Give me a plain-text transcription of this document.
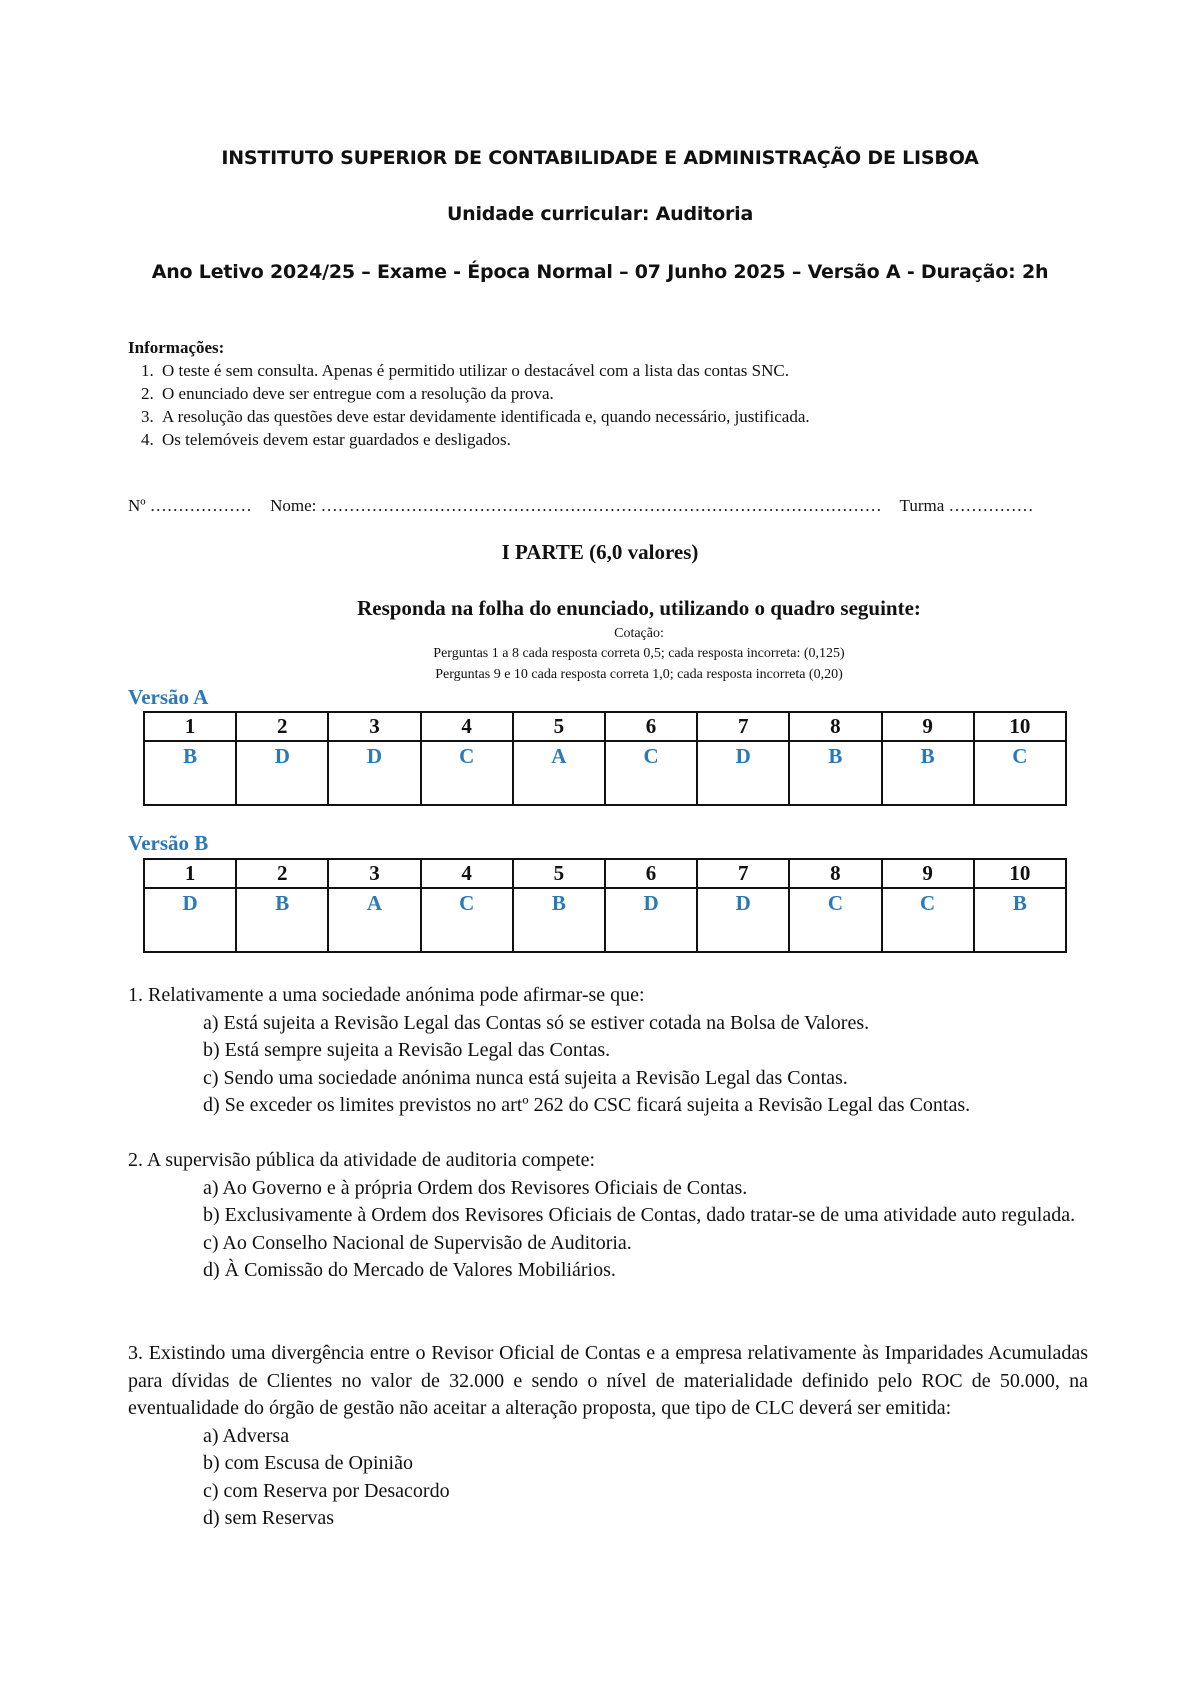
INSTITUTO SUPERIOR DE CONTABILIDADE E ADMINISTRAÇÃO DE LISBOA
Unidade curricular: Auditoria
Ano Letivo 2024/25 – Exame - Época Normal – 07 Junho 2025 – Versão A - Duração: 2h
Informações:
1. O teste é sem consulta. Apenas é permitido utilizar o destacável com a lista das contas SNC.
2. O enunciado deve ser entregue com a resolução da prova.
3. A resolução das questões deve estar devidamente identificada e, quando necessário, justificada.
4. Os telemóveis devem estar guardados e desligados.
Nº ……………… Nome: ……………………………………………………………………………………… Turma ……………
I PARTE (6,0 valores)
Responda na folha do enunciado, utilizando o quadro seguinte:
Cotação:
Perguntas 1 a 8 cada resposta correta 0,5; cada resposta incorreta: (0,125)
Perguntas 9 e 10 cada resposta correta 1,0; cada resposta incorreta (0,20)
Versão A
1	2	3	4	5	6	7	8	9	10
B	D	D	C	A	C	D	B	B	C
Versão B
1	2	3	4	5	6	7	8	9	10
D	B	A	C	B	D	D	C	C	B
1. Relativamente a uma sociedade anónima pode afirmar-se que:
a) Está sujeita a Revisão Legal das Contas só se estiver cotada na Bolsa de Valores.
b) Está sempre sujeita a Revisão Legal das Contas.
c) Sendo uma sociedade anónima nunca está sujeita a Revisão Legal das Contas.
d) Se exceder os limites previstos no artº 262 do CSC ficará sujeita a Revisão Legal das Contas.
2. A supervisão pública da atividade de auditoria compete:
a) Ao Governo e à própria Ordem dos Revisores Oficiais de Contas.
b) Exclusivamente à Ordem dos Revisores Oficiais de Contas, dado tratar-se de uma atividade auto regulada.
c) Ao Conselho Nacional de Supervisão de Auditoria.
d) À Comissão do Mercado de Valores Mobiliários.
3. Existindo uma divergência entre o Revisor Oficial de Contas e a empresa relativamente às Imparidades Acumuladas para dívidas de Clientes no valor de 32.000 e sendo o nível de materialidade definido pelo ROC de 50.000, na eventualidade do órgão de gestão não aceitar a alteração proposta, que tipo de CLC deverá ser emitida:
a) Adversa
b) com Escusa de Opinião
c) com Reserva por Desacordo
d) sem Reservas
